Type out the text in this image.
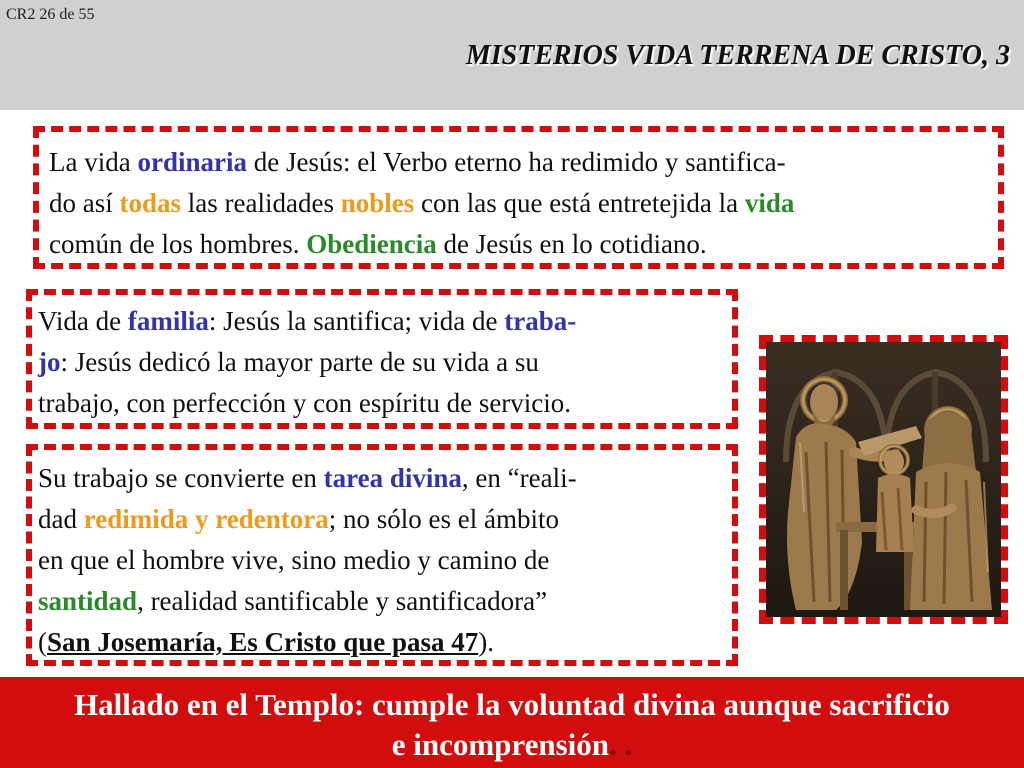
CR2 26 de 55
MISTERIOS VIDA TERRENA DE CRISTO, 3

La vida ordinaria de Jesús: el Verbo eterno ha redimido y santifica-
do así todas las realidades nobles con las que está entretejida la vida
común de los hombres. Obediencia de Jesús en lo cotidiano.

Vida de familia: Jesús la santifica; vida de traba-
jo: Jesús dedicó la mayor parte de su vida a su
trabajo, con perfección y con espíritu de servicio.

Su trabajo se convierte en tarea divina, en “reali-
dad redimida y redentora; no sólo es el ámbito
en que el hombre vive, sino medio y camino de
santidad, realidad santificable y santificadora”
(San Josemaría, Es Cristo que pasa 47).

Hallado en el Templo: cumple la voluntad divina aunque sacrificio
e incomprensión. .
